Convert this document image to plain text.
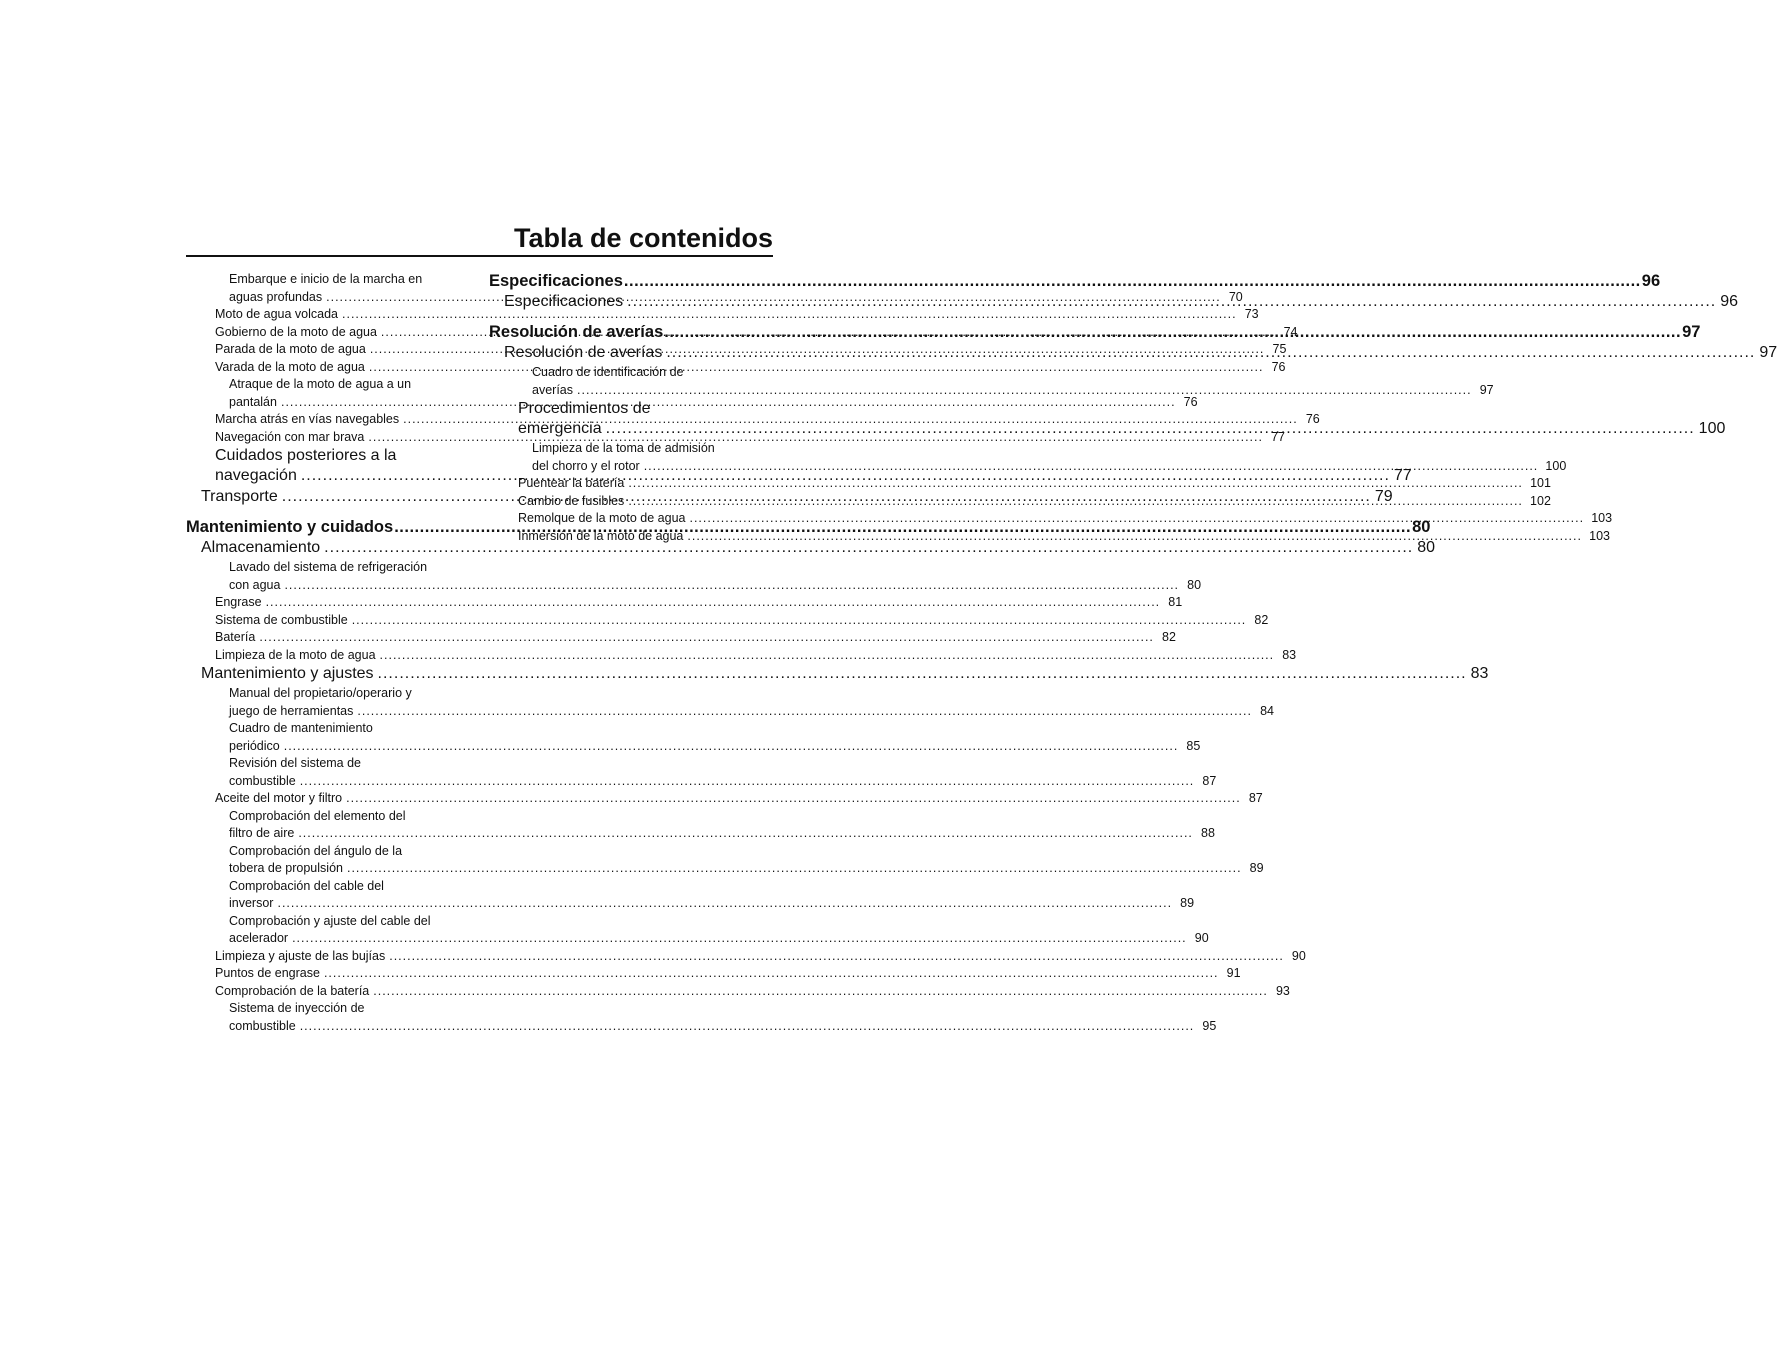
Tabla de contenidos
Embarque e inicio de la marcha en
aguas profundas .....	70
Moto de agua volcada .....	73
Gobierno de la moto de agua .....	74
Parada de la moto de agua .....	75
Varada de la moto de agua .....	76
Atraque de la moto de agua a un
pantalán .....	76
Marcha atrás en vías navegables .....	76
Navegación con mar brava .....	77
Cuidados posteriores a la
navegación .....	77
Transporte .....	79
Mantenimiento y cuidados .....	80
Almacenamiento .....	80
Lavado del sistema de refrigeración
con agua .....	80
Engrase .....	81
Sistema de combustible .....	82
Batería .....	82
Limpieza de la moto de agua .....	83
Mantenimiento y ajustes .....	83
Manual del propietario/operario y
juego de herramientas .....	84
Cuadro de mantenimiento
periódico .....	85
Revisión del sistema de
combustible .....	87
Aceite del motor y filtro .....	87
Comprobación del elemento del
filtro de aire .....	88
Comprobación del ángulo de la
tobera de propulsión .....	89
Comprobación del cable del
inversor .....	89
Comprobación y ajuste del cable del
acelerador .....	90
Limpieza y ajuste de las bujías .....	90
Puntos de engrase .....	91
Comprobación de la batería .....	93
Sistema de inyección de
combustible .....	95
Especificaciones .....	96
Especificaciones .....	96
Resolución de averías .....	97
Resolución de averías .....	97
Cuadro de identificación de
averías .....	97
Procedimientos de
emergencia .....	100
Limpieza de la toma de admisión
del chorro y el rotor .....	100
Puentear la batería .....	101
Cambio de fusibles .....	102
Remolque de la moto de agua .....	103
Inmersión de la moto de agua .....	103
